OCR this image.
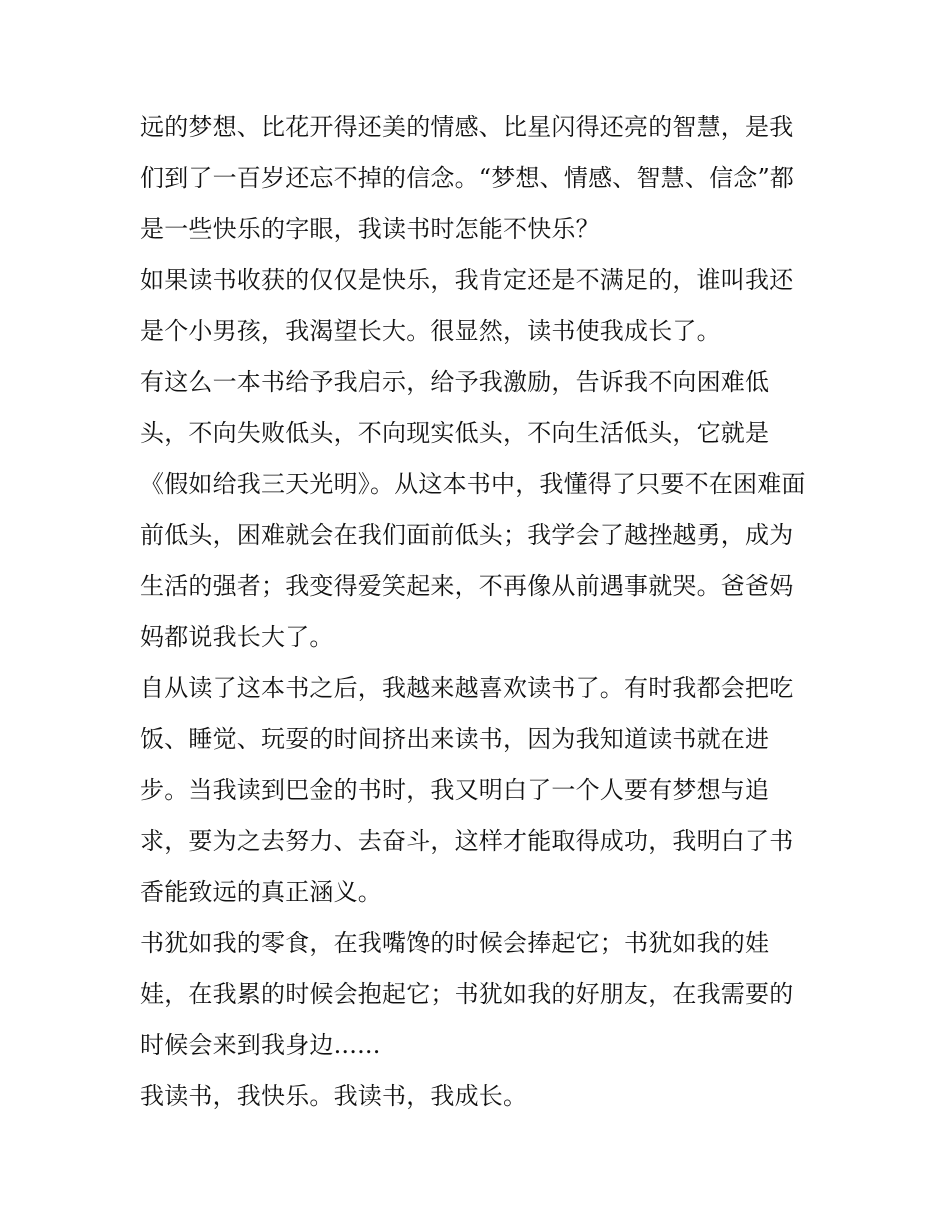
远的梦想、比花开得还美的情感、比星闪得还亮的智慧，是我们到了一百岁还忘不掉的信念。“梦想、情感、智慧、信念”都是一些快乐的字眼，我读书时怎能不快乐？

如果读书收获的仅仅是快乐，我肯定还是不满足的，谁叫我还是个小男孩，我渴望长大。很显然，读书使我成长了。

有这么一本书给予我启示，给予我激励，告诉我不向困难低头，不向失败低头，不向现实低头，不向生活低头，它就是《假如给我三天光明》。从这本书中，我懂得了只要不在困难面前低头，困难就会在我们面前低头；我学会了越挫越勇，成为生活的强者；我变得爱笑起来，不再像从前遇事就哭。爸爸妈妈都说我长大了。

自从读了这本书之后，我越来越喜欢读书了。有时我都会把吃饭、睡觉、玩耍的时间挤出来读书，因为我知道读书就在进步。当我读到巴金的书时，我又明白了一个人要有梦想与追求，要为之去努力、去奋斗，这样才能取得成功，我明白了书香能致远的真正涵义。

书犹如我的零食，在我嘴馋的时候会捧起它；书犹如我的娃娃，在我累的时候会抱起它；书犹如我的好朋友，在我需要的时候会来到我身边......

我读书，我快乐。我读书，我成长。
